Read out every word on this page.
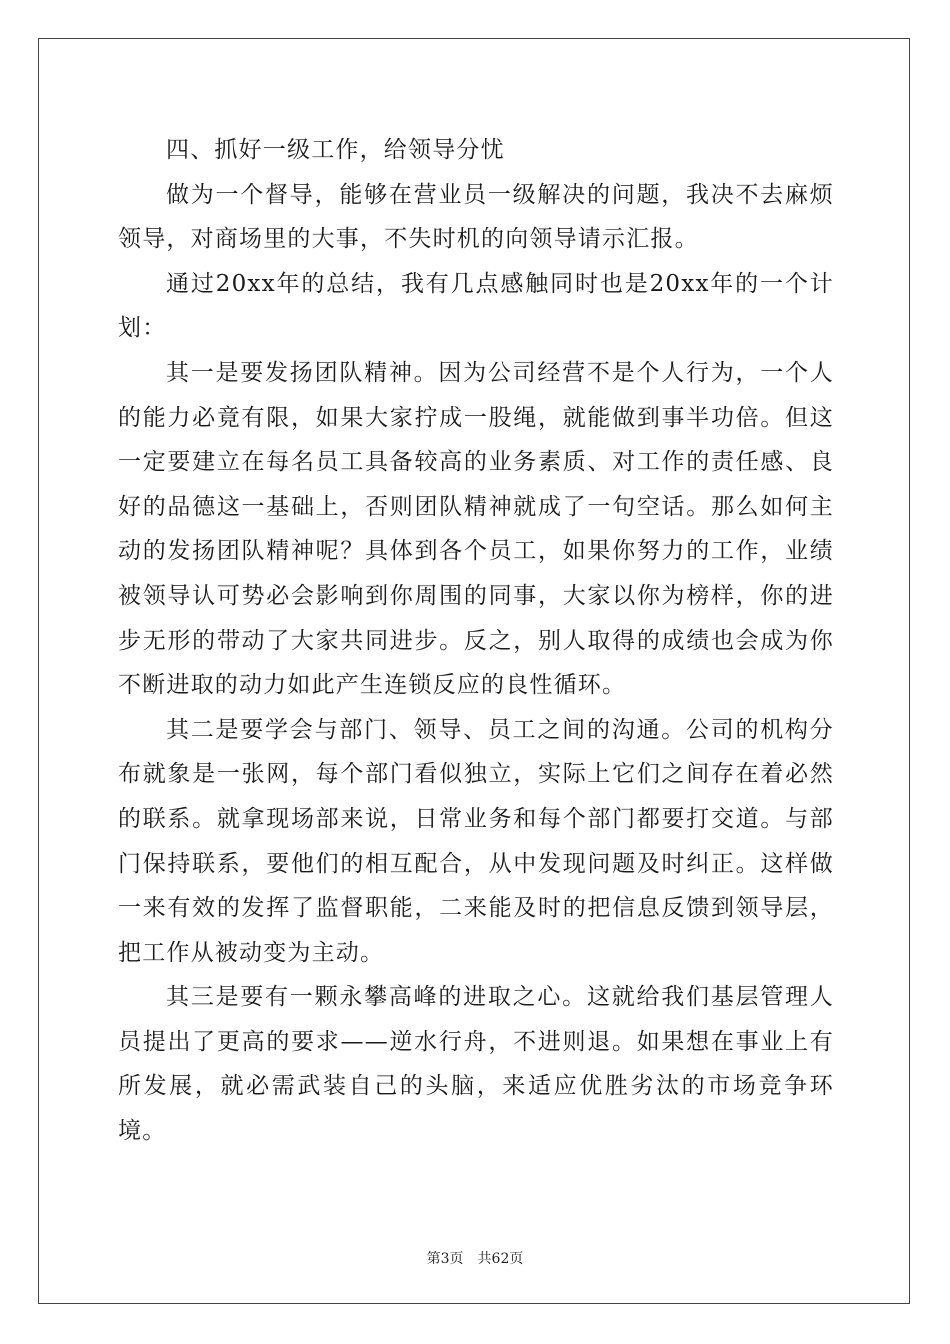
四、抓好一级工作，给领导分忧

做为一个督导，能够在营业员一级解决的问题，我决不去麻烦领导，对商场里的大事，不失时机的向领导请示汇报。

通过20xx年的总结，我有几点感触同时也是20xx年的一个计划：

其一是要发扬团队精神。因为公司经营不是个人行为，一个人的能力必竟有限，如果大家拧成一股绳，就能做到事半功倍。但这一定要建立在每名员工具备较高的业务素质、对工作的责任感、良好的品德这一基础上，否则团队精神就成了一句空话。那么如何主动的发扬团队精神呢？具体到各个员工，如果你努力的工作，业绩被领导认可势必会影响到你周围的同事，大家以你为榜样，你的进步无形的带动了大家共同进步。反之，别人取得的成绩也会成为你不断进取的动力如此产生连锁反应的良性循环。

其二是要学会与部门、领导、员工之间的沟通。公司的机构分布就象是一张网，每个部门看似独立，实际上它们之间存在着必然的联系。就拿现场部来说，日常业务和每个部门都要打交道。与部门保持联系，要他们的相互配合，从中发现问题及时纠正。这样做一来有效的发挥了监督职能，二来能及时的把信息反馈到领导层，把工作从被动变为主动。

其三是要有一颗永攀高峰的进取之心。这就给我们基层管理人员提出了更高的要求——逆水行舟，不进则退。如果想在事业上有所发展，就必需武装自己的头脑，来适应优胜劣汰的市场竞争环境。

第3页 共62页
